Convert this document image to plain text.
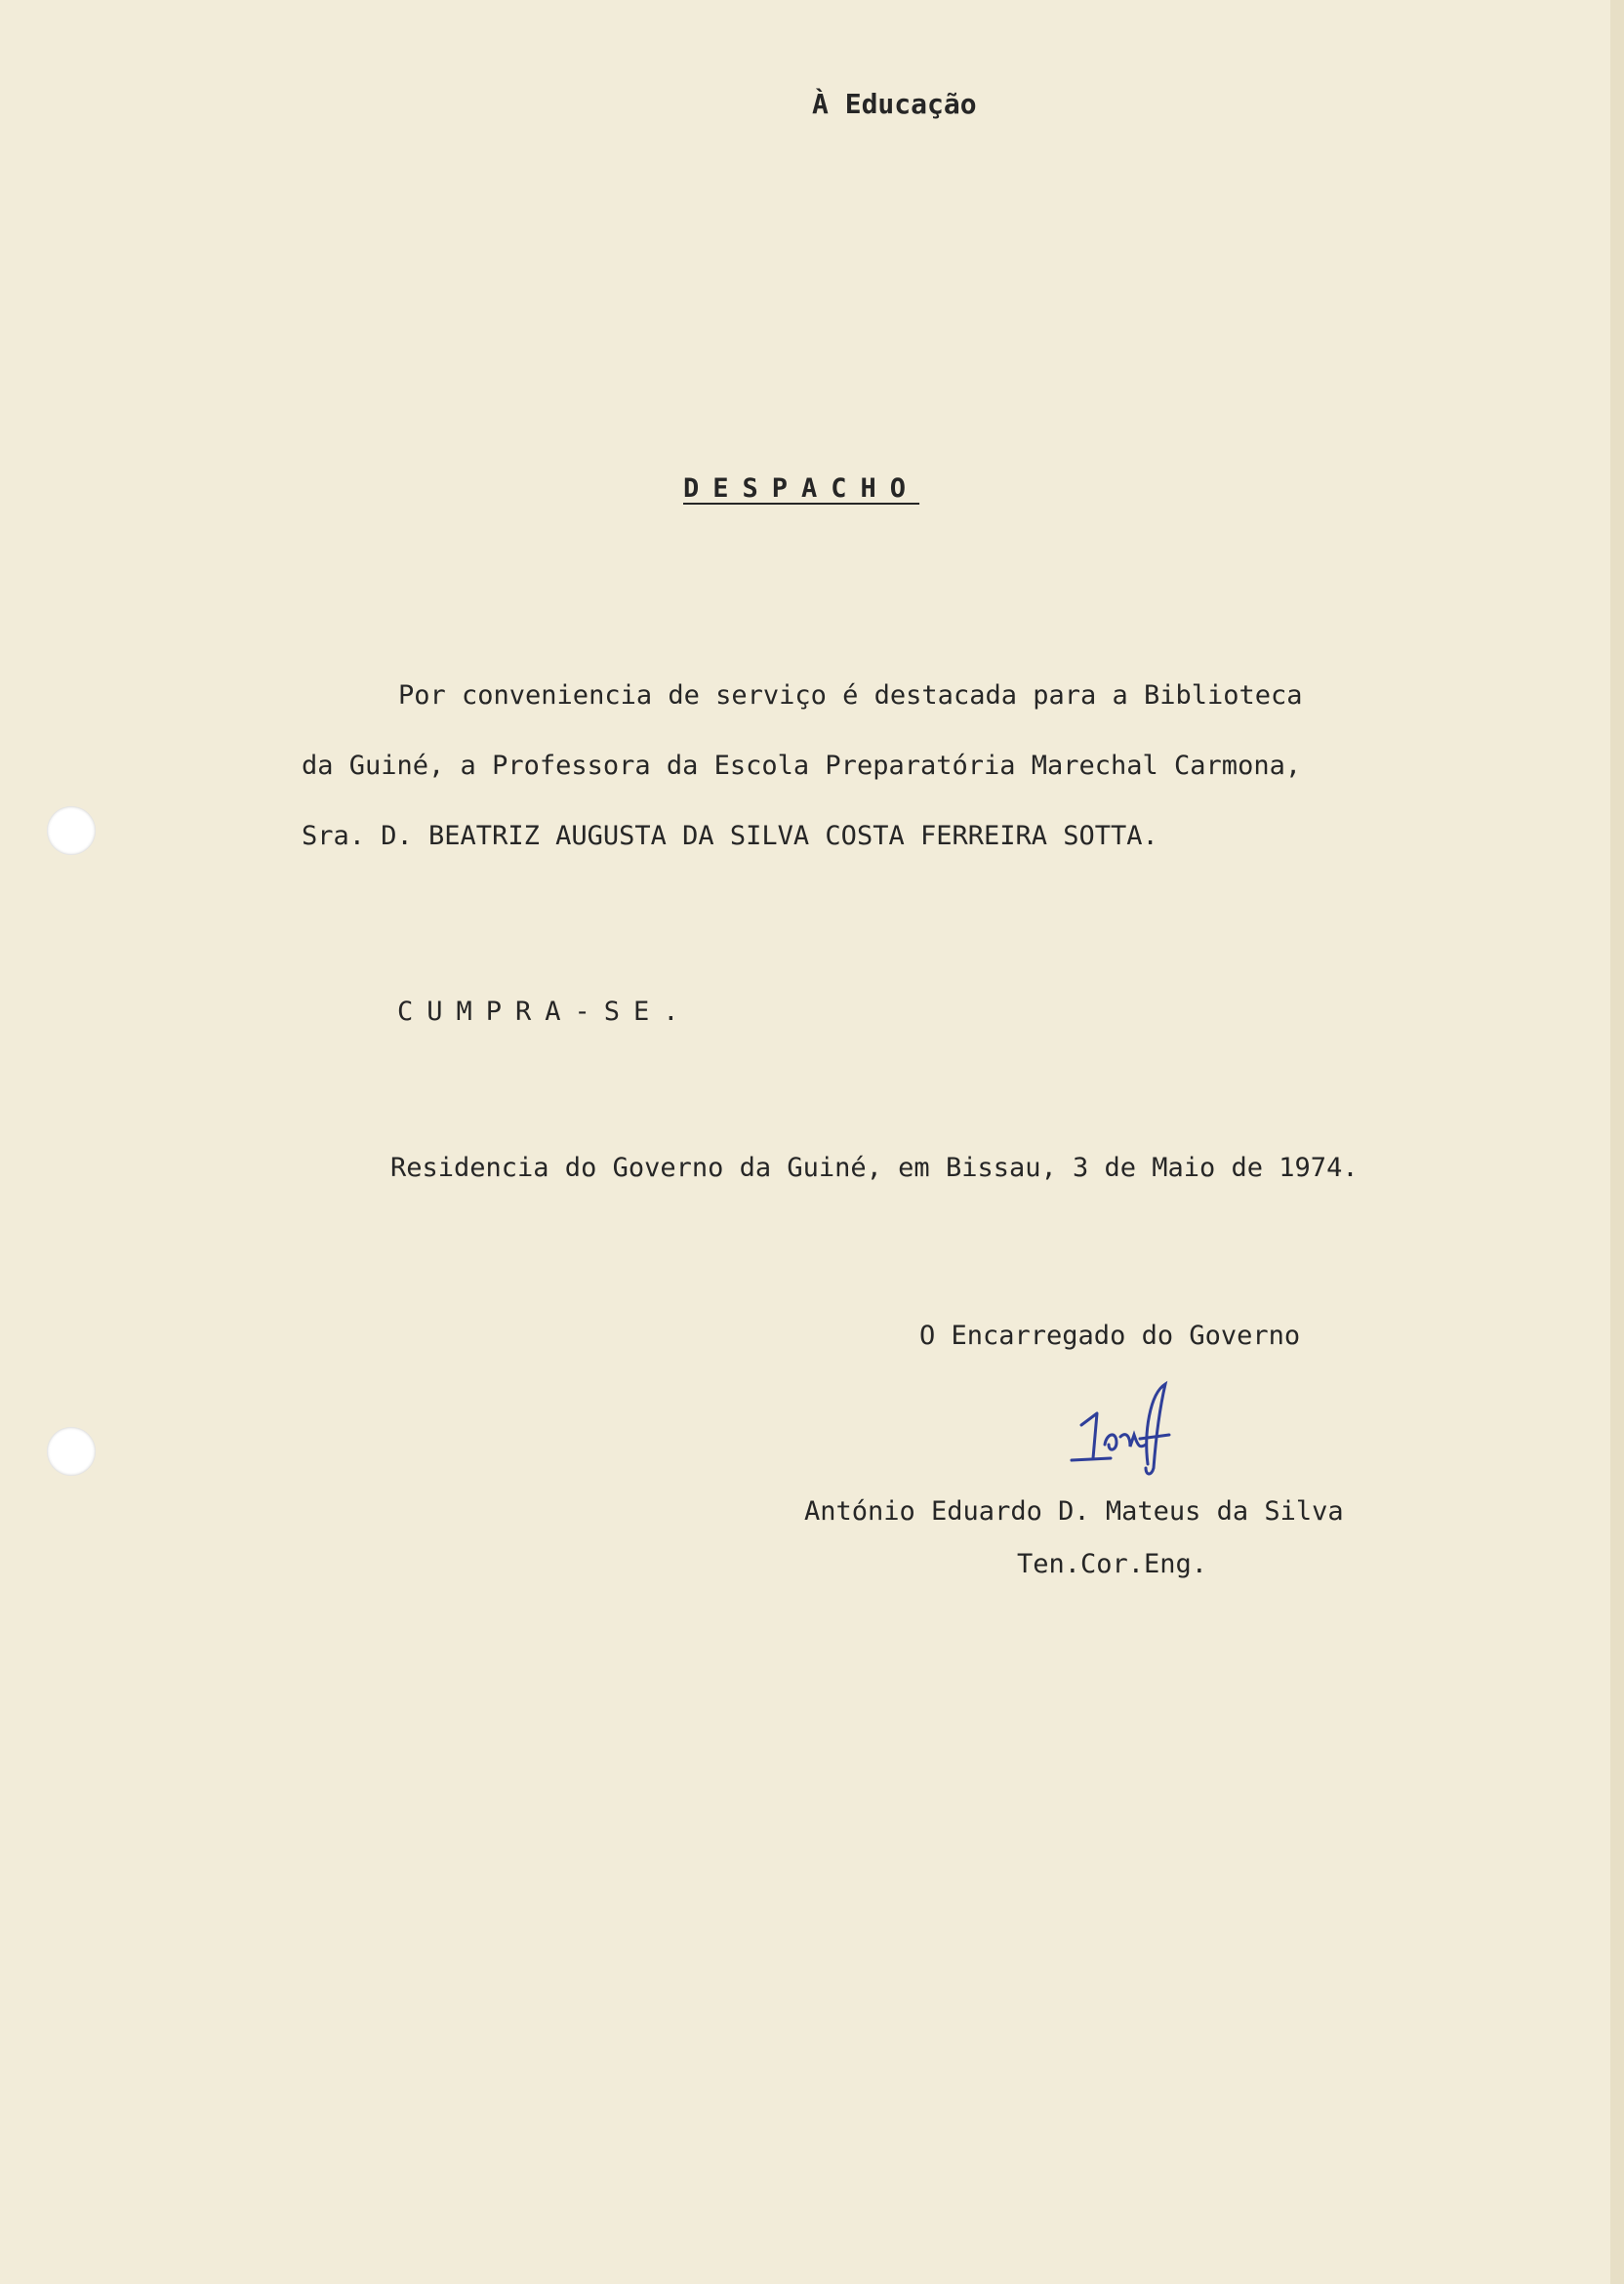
À Educação

DESPACHO

Por conveniencia de serviço é destacada para a Biblioteca

da Guiné, a Professora da Escola Preparatória Marechal Carmona,

Sra. D. BEATRIZ AUGUSTA DA SILVA COSTA FERREIRA SOTTA.

CUMPRA-SE.

Residencia do Governo da Guiné, em Bissau, 3 de Maio de 1974.

O Encarregado do Governo

António Eduardo D. Mateus da Silva

Ten.Cor.Eng.
